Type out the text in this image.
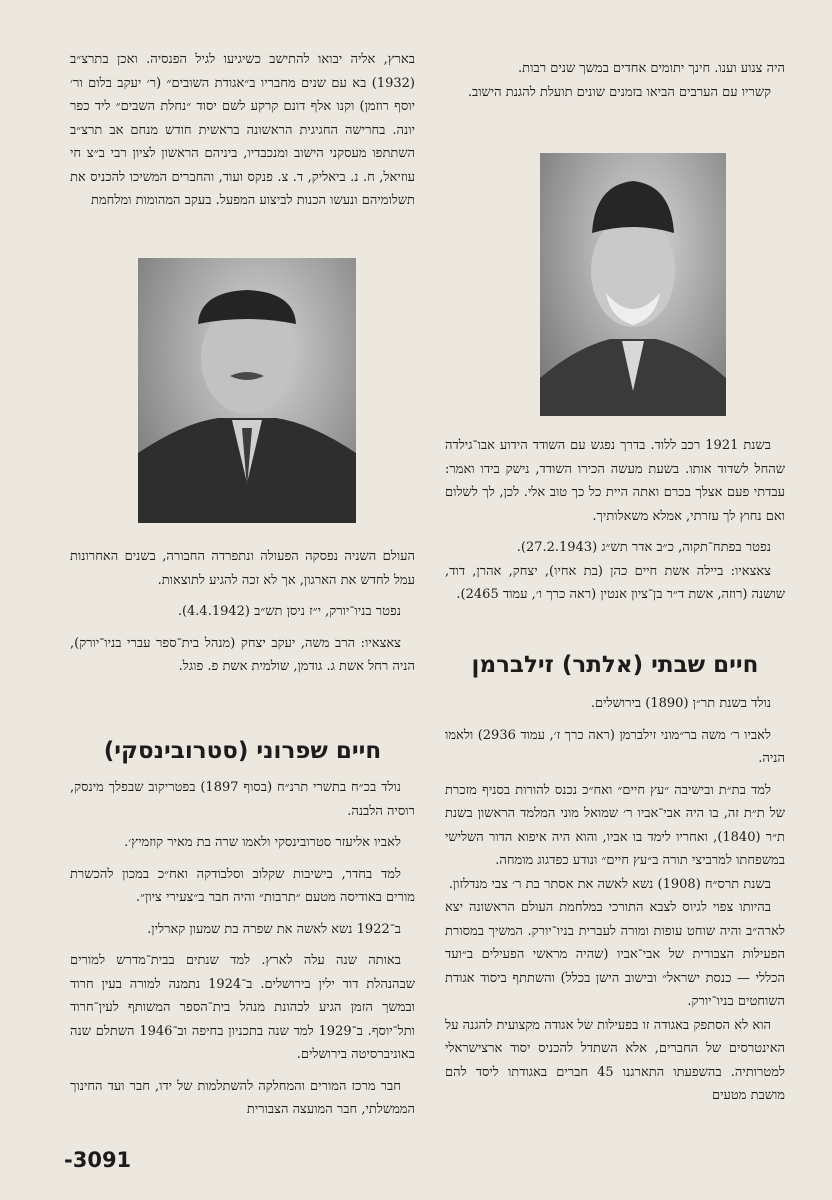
היה צנוע וענו. חינך יתומים אחדים במשך שנים רבות.

קשריו עם הערבים הביאו בזמנים שונים תועלת להגנת הישוב.

בשנת 1921 רכב ללוד. בדרך נפגש עם השודד הידוע אבו־גילדה שהחל לשדוד אותו. בשעת מעשה הכירו השודד, נישק בידו ואמר: עבדתי פעם אצלך בכרם ואתה היית כל כך טוב אלי. לכן, לך לשלום ואם נחוץ לך עזרתי, אמלא משאלותיך.

נפטר בפתח־תקוה, כ״ב אדר תש״ג (27.2.1943).

צאצאיו: ביילה אשת חיים כהן (בת אחיו), יצחק, אהרן, דוד, שושנה (רוזה, אשת ד״ר בן־ציון אנטין (ראה כרך ו׳, עמוד 2465).

חיים שבתי (אלתר) זילברמן

נולד בשנת תר״ן (1890) בירושלים.

לאביו ר׳ משה בר״מוני זילברמן (ראה כרך ז׳, עמוד 2936) ולאמו הניה.

למד בת״ת ובישיבה ״עץ חיים״ ואח״כ נכנס להורות בסניף מזכרת של ת״ת זה, בו היה אבי־אביו ר׳ שמואל מוני המלמד הראשון בשנת ת״ר (1840), ואחריו לימד בו אביו, והוא היה איפוא הדור השלישי במשפחתו למרביצי תורה ב״עץ חיים״ ונודע כפדגוג מומחה.

בשנת תרס״ח (1908) נשא לאשה את אסתר בת ר׳ צבי מנדלזון.

בהיותו צפוי לגיוס לצבא התורכי במלחמת העולם הראשונה יצא לארה״ב והיה שוחט עופות ומורה לעברית בניו־יורק. המשיך במסורת הפעילות הצבורית של אבי־אביו (שהיה מראשי הפעילים ב״ועד הכללי — כנסת ישראל״ ובישוב הישן בכלל) והשתתף ביסוד אגודת השוחטים בניו־יורק.

הוא לא הסתפק באגודה זו בפעילות של אגודה מקצועית להגנה על האינטרסים של החברים, אלא השתדל להכניס יסוד ארצישראלי למטרותיה. בהשפעתו התארגנו 45 חברים באגודתו ליסד להם מושבת מטעים

בארץ, אליה יבואו להתישב כשיגיעו לגיל הפנסיה. ואכן בתרצ״ב (1932) בא עם שנים מחבריו ב״אגודת השובים״ (ר׳ יעקב בלום ור׳ יוסף רוזמן) וקנו אלף דונם קרקע לשם יסוד ״נחלת השבים״ ליד כפר יונה. בחרישה החגיגית הראשונה בראשית חודש מנחם אב תרצ״ב השתתפו מעסקני הישוב ומנכבדיו, ביניהם הראשון לציון רבי ב״צ חי עוזיאל, ח. נ. ביאליק, ד. צ. פנקס ועוד, והחברים המשיכו להכניס את תשלומיהם ונעשו הכנות לביצוע המפעל. בעקב המהומות ומלחמת

העולם השניה נפסקה הפעולה ונתפרדה החבורה, בשנים האחרונות עמל לחדש את הארגון, אך לא זכה להגיע לתוצאות.

נפטר בניו־יורק, י״ז ניסן תש״ב (4.4.1942).

צאצאיו: הרב משה, יעקב יצחק (מנהל בית־ספר עברי בניו־יורק), הניה רחל אשת ג. גודמן, שולמית אשת פ. פוגל.

חיים שפרוני (סטרובינסקי)

נולד בכ״ח בתשרי תרנ״ח (בסוף 1897) בפטריקוב שבפלך מינסק, רוסיה הלבנה.

לאביו אליעזר סטרובינסקי ולאמו שרה בת מאיר קוזמיץ׳.

למד בחדר, בישיבות שקלוב וסלבודקה ואח״כ במכון להכשרת מורים באודיסה מטעם ״תרבות״ והיה חבר ב״צעירי ציון״.

ב־1922 נשא לאשה את שפרה בת שמעון קארלין.

באותה שנה עלה לארץ. למד שנתים בבית־מדרש למורים שבהנהלת דוד ילין בירושלים. ב־1924 נתמנה למורה בעין חרוד ובמשך הזמן הגיע לכהונת מנהל בית־הספר המשותף לעין־חרוד ותל־יוסף. ב־1929 למד שנה בתכניון בחיפה וב־1946 השתלם שנה באוניברסיטה בירושלים.

חבר מרכז המורים והמחלקה להשתלמות של ידו, חבר ועד החינוך הממשלתי, חבר המועצה הצבורית

-3091
